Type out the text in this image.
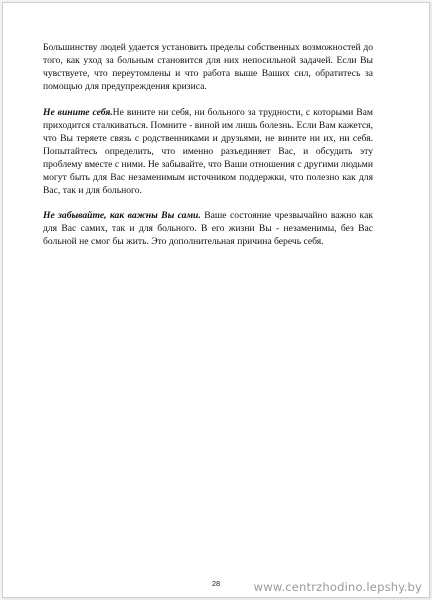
Большинству людей удается установить пределы собственных возможностей до того, как уход за больным становится для них непосильной задачей. Если Вы чувствуете, что переутомлены и что работа выше Ваших сил, обратитесь за помощью для предупреждения кризиса.

Не вините себя.Не вините ни себя, ни больного за трудности, с которыми Вам приходится сталкиваться. Помните - виной им лишь болезнь. Если Вам кажется, что Вы теряете связь с родственниками и друзьями, не вините ни их, ни себя. Попытайтесь определить, что именно разъединяет Вас, и обсудить эту проблему вместе с ними. Не забывайте, что Ваши отношения с другими людьми могут быть для Вас незаменимым источником поддержки, что полезно как для Вас, так и для больного.

Не забывайте, как важны Вы сами. Ваше состояние чрезвычайно важно как для Вас самих, так и для больного. В его жизни Вы - незаменимы, без Вас больной не смог бы жить. Это дополнительная причина беречь себя.

28	www.centrzhodino.lepshy.by
